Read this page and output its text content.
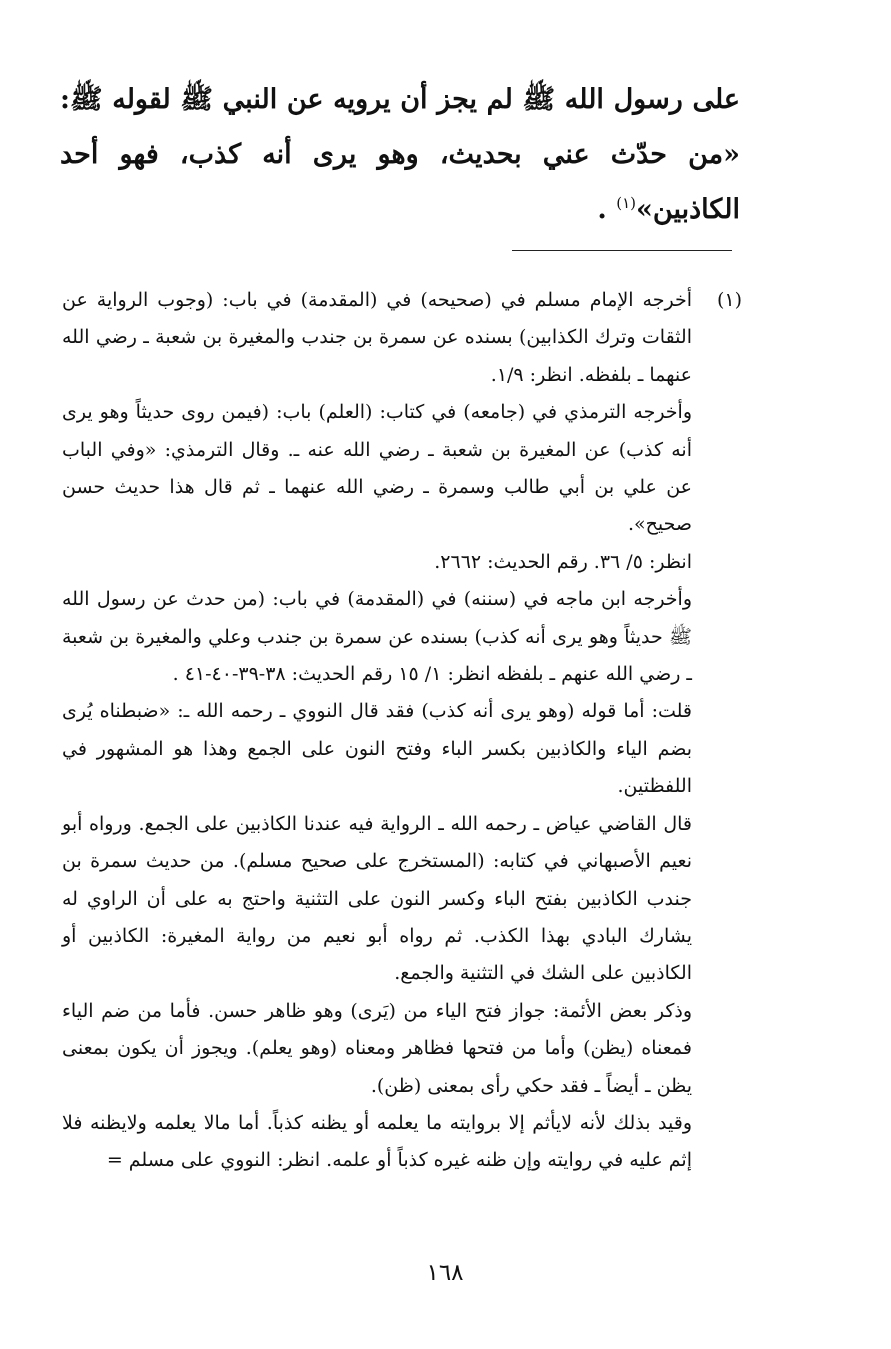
على رسول الله ﷺ لم يجز أن يرويه عن النبي ﷺ لقوله ﷺ: «من حدّث عني بحديث، وهو يرى أنه كذب، فهو أحد الكاذبين»$^{(١)}$ .

(١)

أخرجه الإمام مسلم في (صحيحه) في (المقدمة) في باب: (وجوب الرواية عن الثقات وترك الكذابين) بسنده عن سمرة بن جندب والمغيرة بن شعبة ـ رضي الله عنهما ـ بلفظه. انظر: ١/٩.

وأخرجه الترمذي في (جامعه) في كتاب: (العلم) باب: (فيمن روى حديثاً وهو يرى أنه كذب) عن المغيرة بن شعبة ـ رضي الله عنه ـ. وقال الترمذي: «وفي الباب عن علي بن أبي طالب وسمرة ـ رضي الله عنهما ـ ثم قال هذا حديث حسن صحيح».

انظر: ٥/ ٣٦. رقم الحديث: ٢٦٦٢.

وأخرجه ابن ماجه في (سننه) في (المقدمة) في باب: (من حدث عن رسول الله ﷺ حديثاً وهو يرى أنه كذب) بسنده عن سمرة بن جندب وعلي والمغيرة بن شعبة ـ رضي الله عنهم ـ بلفظه انظر: ١/ ١٥ رقم الحديث: ٣٨-٣٩-٤٠-٤١ .

قلت: أما قوله (وهو يرى أنه كذب) فقد قال النووي ـ رحمه الله ـ: «ضبطناه يُرى بضم الياء والكاذبين بكسر الباء وفتح النون على الجمع وهذا هو المشهور في اللفظتين.

قال القاضي عياض ـ رحمه الله ـ الرواية فيه عندنا الكاذبين على الجمع. ورواه أبو نعيم الأصبهاني في كتابه: (المستخرج على صحيح مسلم). من حديث سمرة بن جندب الكاذبين بفتح الباء وكسر النون على التثنية واحتج به على أن الراوي له يشارك البادي بهذا الكذب. ثم رواه أبو نعيم من رواية المغيرة: الكاذبين أو الكاذبين على الشك في التثنية والجمع.

وذكر بعض الأئمة: جواز فتح الياء من (يَرى) وهو ظاهر حسن. فأما من ضم الياء فمعناه (يظن) وأما من فتحها فظاهر ومعناه (وهو يعلم). ويجوز أن يكون بمعنى يظن ـ أيضاً ـ فقد حكي رأى بمعنى (ظن).

وقيد بذلك لأنه لايأثم إلا بروايته ما يعلمه أو يظنه كذباً. أما مالا يعلمه ولايظنه فلا إثم عليه في روايته وإن ظنه غيره كذباً أو علمه. انظر: النووي على مسلم =

١٦٨
